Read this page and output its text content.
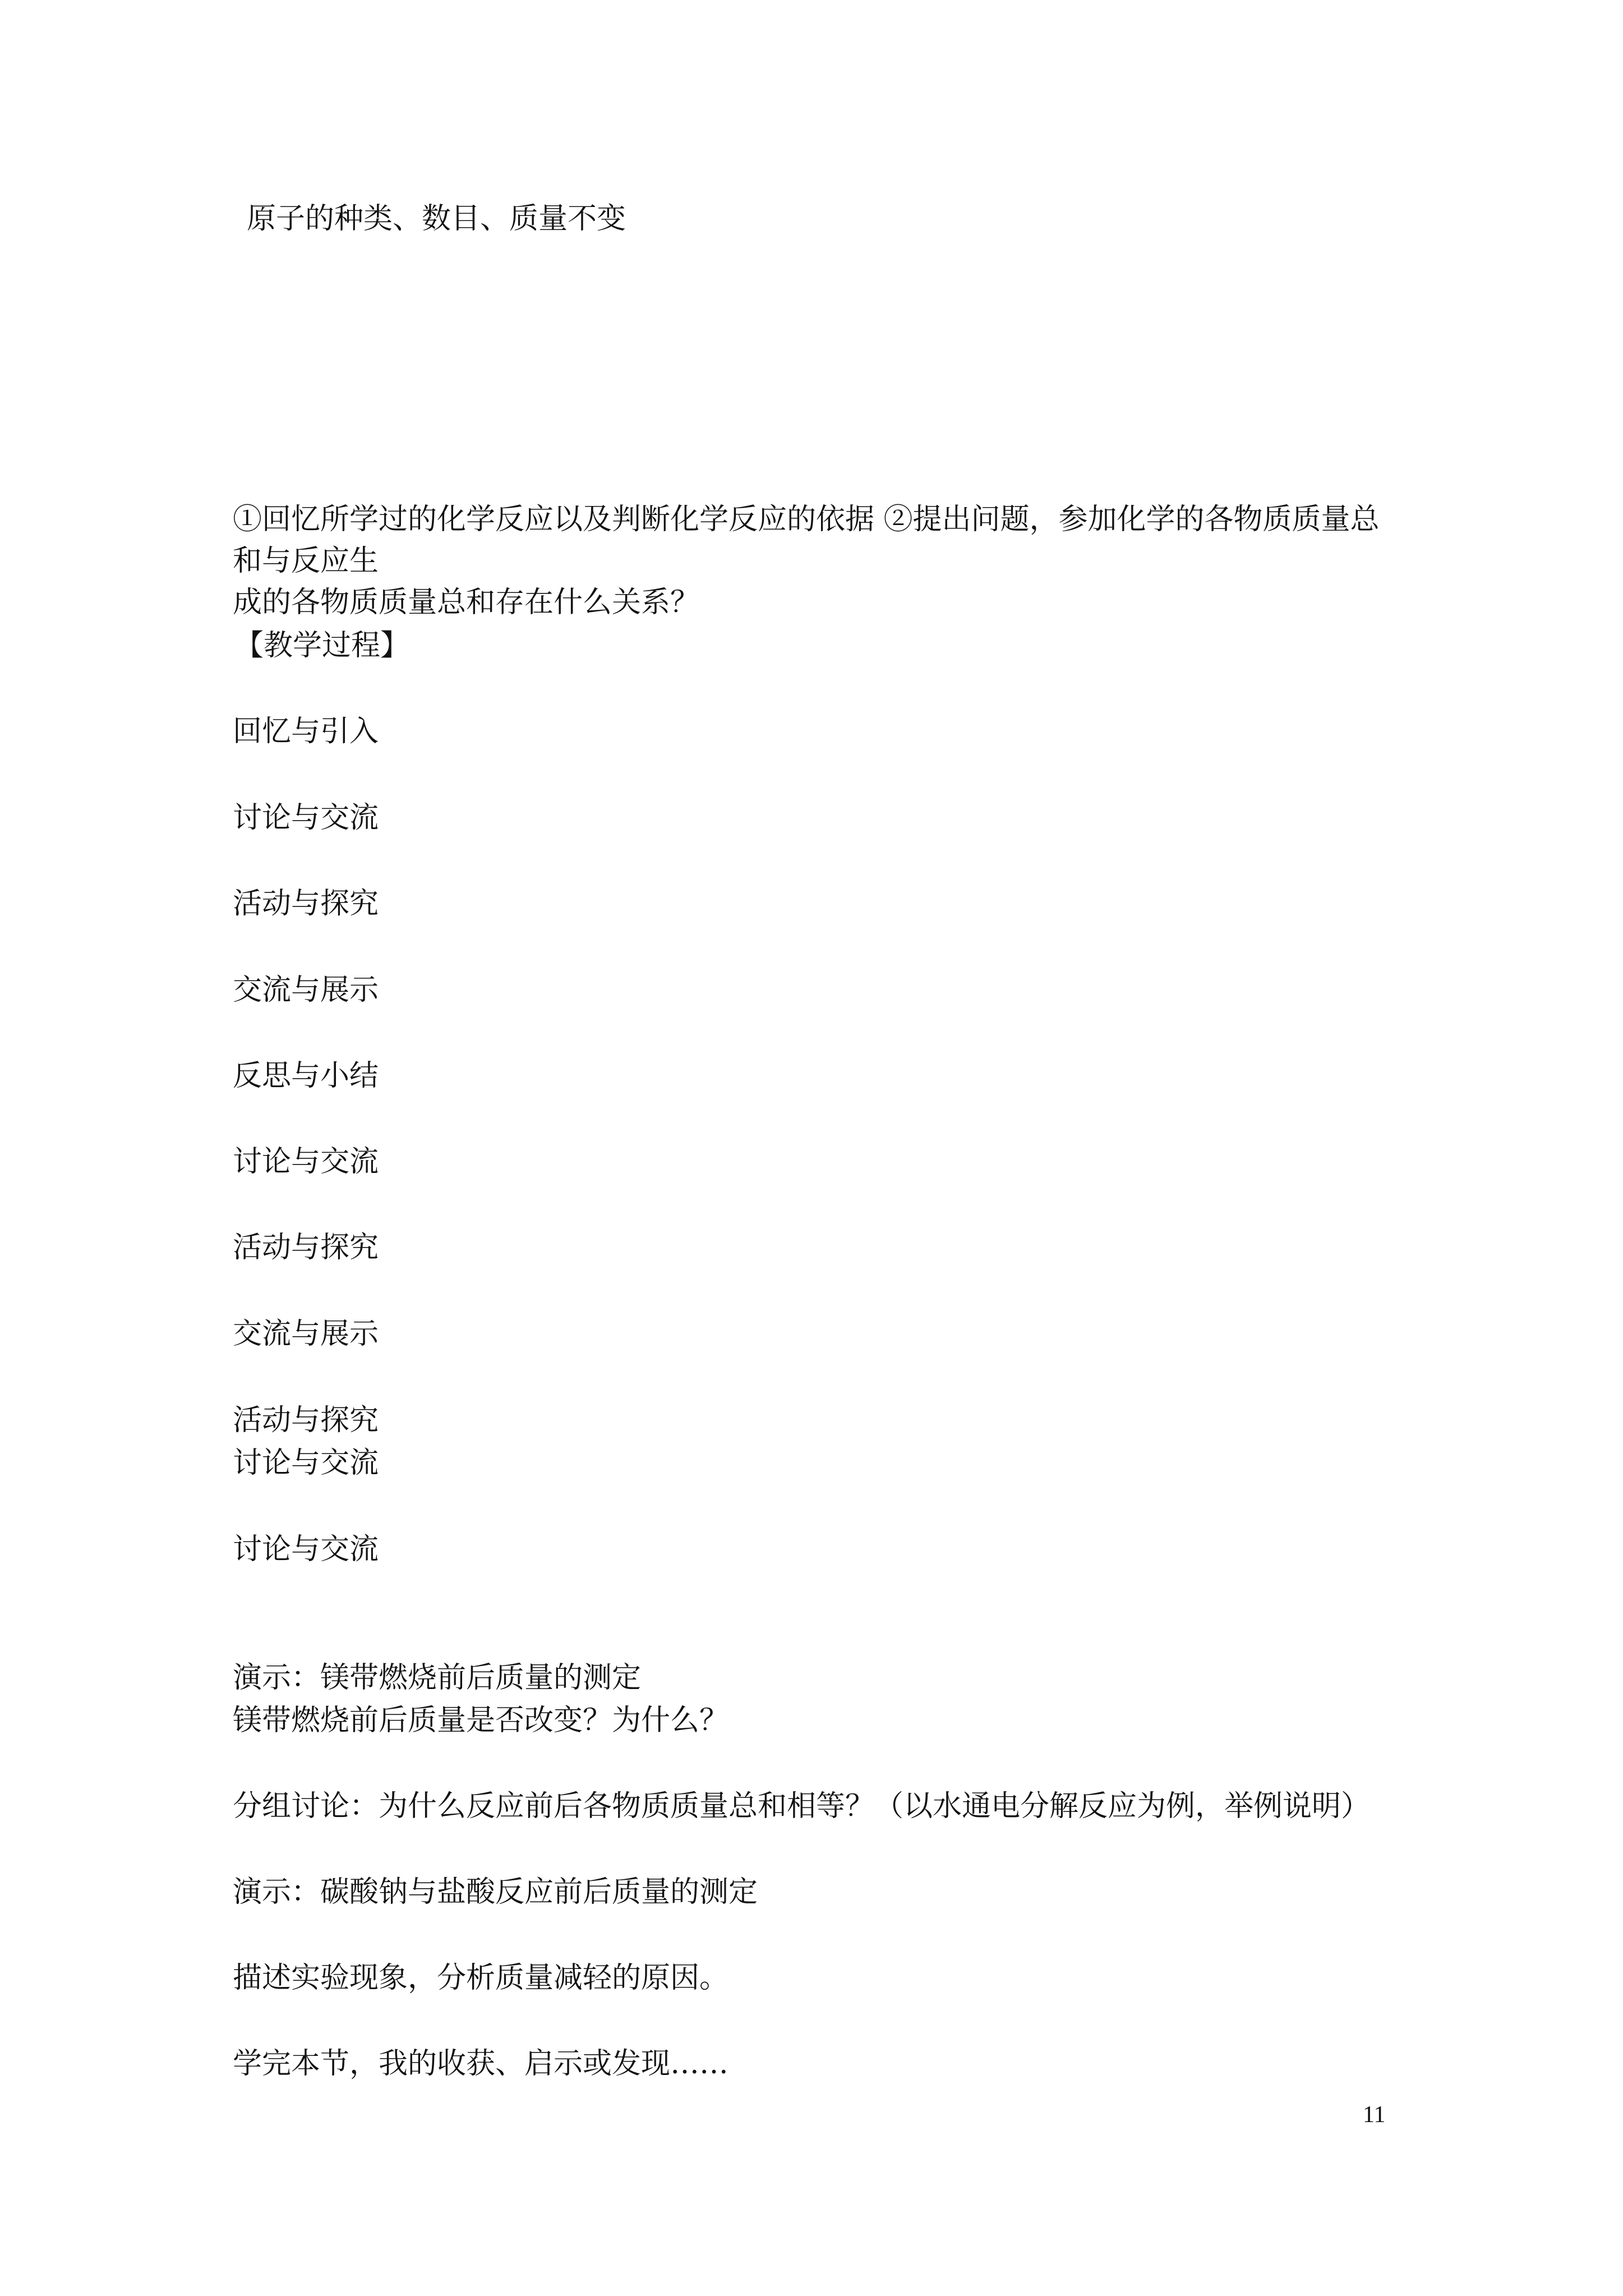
原子的种类、数目、质量不变
①回忆所学过的化学反应以及判断化学反应的依据 ②提出问题，参加化学的各物质质量总
和与反应生
成的各物质质量总和存在什么关系？
【教学过程】
回忆与引入
讨论与交流
活动与探究
交流与展示
反思与小结
讨论与交流
活动与探究
交流与展示
活动与探究
讨论与交流
讨论与交流
演示：镁带燃烧前后质量的测定
镁带燃烧前后质量是否改变？为什么？
分组讨论：为什么反应前后各物质质量总和相等？（以水通电分解反应为例，举例说明）
演示：碳酸钠与盐酸反应前后质量的测定
描述实验现象，分析质量减轻的原因。
学完本节，我的收获、启示或发现……
11
